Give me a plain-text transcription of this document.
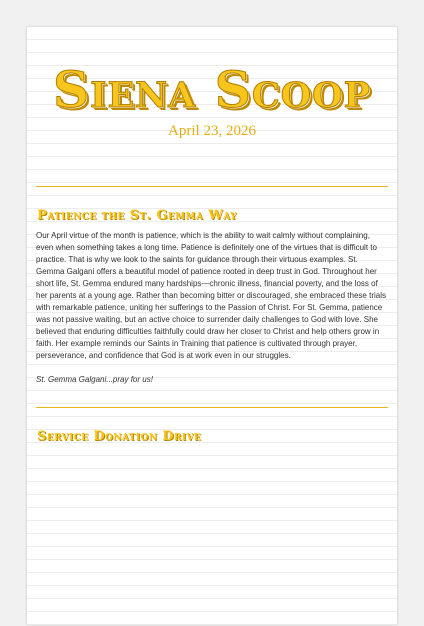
Siena Scoop
April 23, 2026
Patience the St. Gemma Way

Our April virtue of the month is patience, which is the ability to wait calmly without complaining, even when something takes a long time. Patience is definitely one of the virtues that is difficult to practice. That is why we look to the saints for guidance through their virtuous examples. St. Gemma Galgani offers a beautiful model of patience rooted in deep trust in God. Throughout her short life, St. Gemma endured many hardships—chronic illness, financial poverty, and the loss of her parents at a young age. Rather than becoming bitter or discouraged, she embraced these trials with remarkable patience, uniting her sufferings to the Passion of Christ. For St. Gemma, patience was not passive waiting, but an active choice to surrender daily challenges to God with love. She believed that enduring difficulties faithfully could draw her closer to Christ and help others grow in faith. Her example reminds our Saints in Training that patience is cultivated through prayer, perseverance, and confidence that God is at work even in our struggles.

St. Gemma Galgani...pray for us!

Service Donation Drive
